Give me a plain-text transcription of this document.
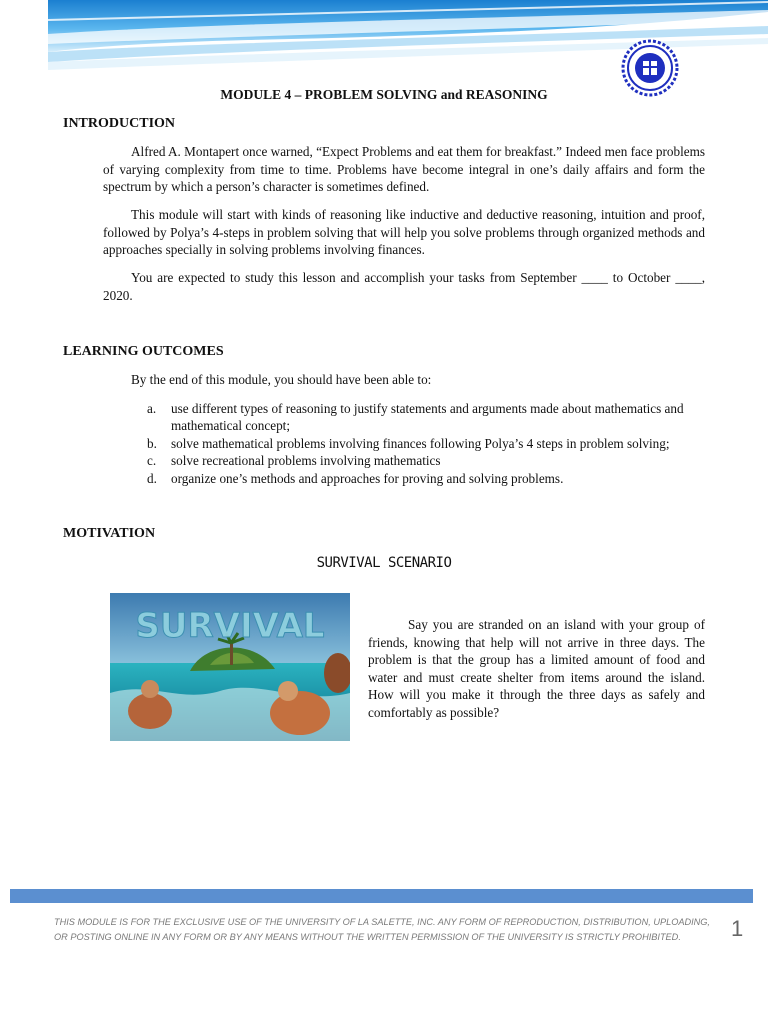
MODULE 4 – PROBLEM SOLVING and REASONING
INTRODUCTION

Alfred A. Montapert once warned, “Expect Problems and eat them for breakfast.” Indeed men face problems of varying complexity from time to time. Problems have become integral in one’s daily affairs and form the spectrum by which a person’s character is sometimes defined.

This module will start with kinds of reasoning like inductive and deductive reasoning, intuition and proof, followed by Polya’s 4-steps in problem solving that will help you solve problems through organized methods and approaches specially in solving problems involving finances.

You are expected to study this lesson and accomplish your tasks from September ____ to October ____, 2020.

LEARNING OUTCOMES
By the end of this module, you should have been able to:
a. use different types of reasoning to justify statements and arguments made about mathematics and mathematical concept;
b. solve mathematical problems involving finances following Polya’s 4 steps in problem solving;
c. solve recreational problems involving mathematics
d. organize one’s methods and approaches for proving and solving problems.
MOTIVATION
SURVIVAL SCENARIO
SURVIVAL	Say you are stranded on an island with your group of friends, knowing that help will not arrive in three days. The problem is that the group has a limited amount of food and water and must create shelter from items around the island. How will you make it through the three days as safely and comfortably as possible?

THIS MODULE IS FOR THE EXCLUSIVE USE OF THE UNIVERSITY OF LA SALETTE, INC. ANY FORM OF REPRODUCTION, DISTRIBUTION, UPLOADING, OR POSTING ONLINE IN ANY FORM OR BY ANY MEANS WITHOUT THE WRITTEN PERMISSION OF THE UNIVERSITY IS STRICTLY PROHIBITED.	1
